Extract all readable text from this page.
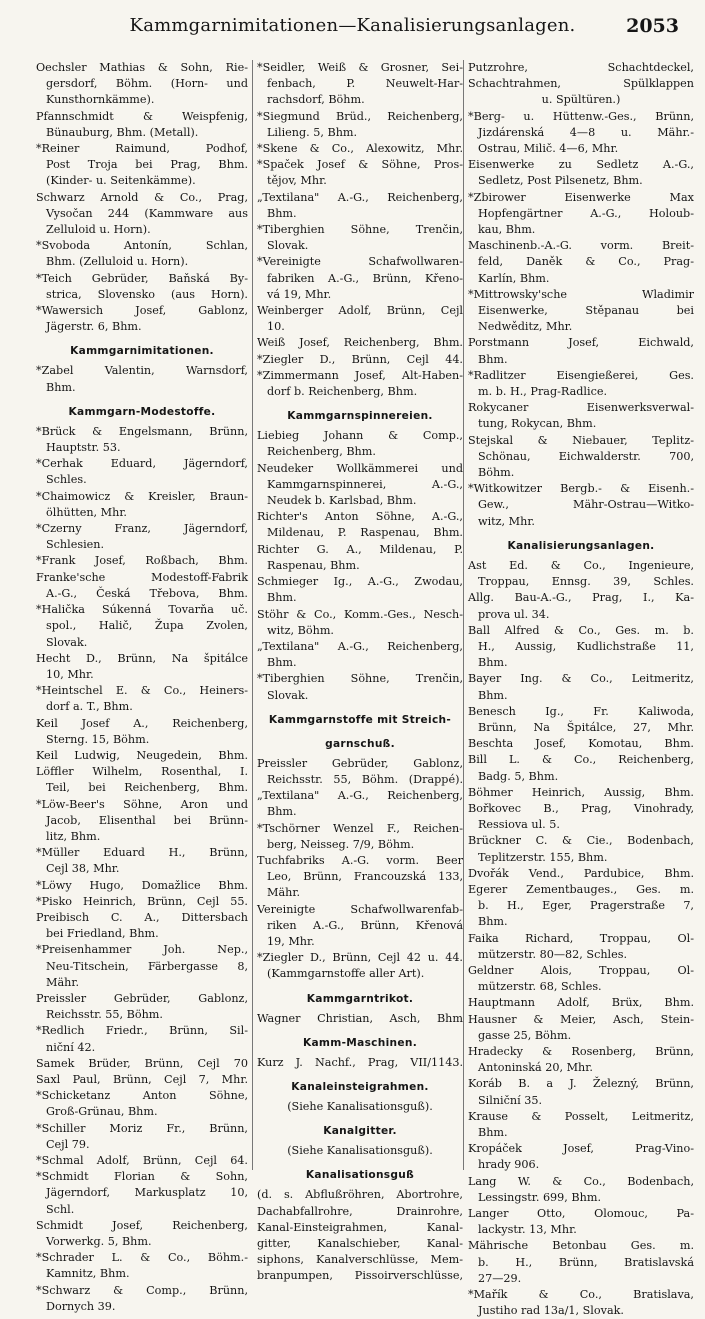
Kammgarnimitationen—Kanalisierungsanlagen.	2053
Oechsler Mathias & Sohn, Rie-
gersdorf, Böhm. (Horn- und
Kunsthornkämme).
Pfannschmidt & Weispfenig,
Bünauburg, Bhm. (Metall).
*Reiner Raimund, Podhof,
Post Troja bei Prag, Bhm.
(Kinder- u. Seitenkämme).
Schwarz Arnold & Co., Prag,
Vysočan 244 (Kammware aus
Zelluloid u. Horn).
*Svoboda Antonín, Schlan,
Bhm. (Zelluloid u. Horn).
*Teich Gebrüder, Baňská By-
strica, Slovensko (aus Horn).
*Wawersich Josef, Gablonz,
Jägerstr. 6, Bhm.
Kammgarnimitationen.
*Zabel Valentin, Warnsdorf,
Bhm.
Kammgarn-Modestoffe.
*Brück & Engelsmann, Brünn,
Hauptstr. 53.
*Cerhak Eduard, Jägerndorf,
Schles.
*Chaimowicz & Kreisler, Braun-
ölhütten, Mhr.
*Czerny Franz, Jägerndorf,
Schlesien.
*Frank Josef, Roßbach, Bhm.
Franke'sche Modestoff-Fabrik
A.-G., Česká Třebova, Bhm.
*Halička Súkenná Tovarňa uč.
spol., Halič, Župa Zvolen,
Slovak.
Hecht D., Brünn, Na špitálce
10, Mhr.
*Heintschel E. & Co., Heiners-
dorf a. T., Bhm.
Keil Josef A., Reichenberg,
Sterng. 15, Böhm.
Keil Ludwig, Neugedein, Bhm.
Löffler Wilhelm, Rosenthal, I.
Teil, bei Reichenberg, Bhm.
*Löw-Beer's Söhne, Aron und
Jacob, Elisenthal bei Brünn-
litz, Bhm.
*Müller Eduard H., Brünn,
Cejl 38, Mhr.
*Löwy Hugo, Domažlice Bhm.
*Pisko Heinrich, Brünn, Cejl 55.
Preibisch C. A., Dittersbach
bei Friedland, Bhm.
*Preisenhammer Joh. Nep.,
Neu-Titschein, Färbergasse 8,
Mähr.
Preissler Gebrüder, Gablonz,
Reichsstr. 55, Böhm.
*Redlich Friedr., Brünn, Sil-
niční 42.
Samek Brüder, Brünn, Cejl 70
Saxl Paul, Brünn, Cejl 7, Mhr.
*Schicketanz Anton Söhne,
Groß-Grünau, Bhm.
*Schiller Moriz Fr., Brünn,
Cejl 79.
*Schmal Adolf, Brünn, Cejl 64.
*Schmidt Florian & Sohn,
Jägerndorf, Markusplatz 10,
Schl.
Schmidt Josef, Reichenberg,
Vorwerkg. 5, Bhm.
*Schrader L. & Co., Böhm.-
Kamnitz, Bhm.
*Schwarz & Comp., Brünn,
Dornych 39.
*Seidler, Weiß & Grosner, Sei-
fenbach, P. Neuwelt-Har-
rachsdorf, Böhm.
*Siegmund Brüd., Reichenberg,
Lilieng. 5, Bhm.
*Skene & Co., Alexowitz, Mhr.
*Spaček Josef & Söhne, Pros-
tějov, Mhr.
„Textilana" A.-G., Reichenberg,
Bhm.
*Tiberghien Söhne, Trenčin,
Slovak.
*Vereinigte Schafwollwaren-
fabriken A.-G., Brünn, Křeno-
vá 19, Mhr.
Weinberger Adolf, Brünn, Cejl
10.
Weiß Josef, Reichenberg, Bhm.
*Ziegler D., Brünn, Cejl 44.
*Zimmermann Josef, Alt-Haben-
dorf b. Reichenberg, Bhm.
Kammgarnspinnereien.
Liebieg Johann & Comp.,
Reichenberg, Bhm.
Neudeker Wollkämmerei und
Kammgarnspinnerei, A.-G.,
Neudek b. Karlsbad, Bhm.
Richter's Anton Söhne, A.-G.,
Mildenau, P. Raspenau, Bhm.
Richter G. A., Mildenau, P.
Raspenau, Bhm.
Schmieger Ig., A.-G., Zwodau,
Bhm.
Stöhr & Co., Komm.-Ges., Nesch-
witz, Böhm.
„Textilana" A.-G., Reichenberg,
Bhm.
*Tiberghien Söhne, Trenčin,
Slovak.
Kammgarnstoffe mit Streich-
garnschuß.
Preissler Gebrüder, Gablonz,
Reichsstr. 55, Böhm. (Drappé).
„Textilana" A.-G., Reichenberg,
Bhm.
*Tschörner Wenzel F., Reichen-
berg, Neisseg. 7/9, Böhm.
Tuchfabriks A.-G. vorm. Beer
Leo, Brünn, Francouzská 133,
Mähr.
Vereinigte Schafwollwarenfab-
riken A.-G., Brünn, Křenová
19, Mhr.
*Ziegler D., Brünn, Cejl 42 u. 44.
(Kammgarnstoffe aller Art).
Kammgarntrikot.
Wagner Christian, Asch, Bhm
Kamm-Maschinen.
Kurz J. Nachf., Prag, VII/1143.
Kanaleinsteigrahmen.
(Siehe Kanalisationsguß).
Kanalgitter.
(Siehe Kanalisationsguß).
Kanalisationsguß
(d. s. Abflußröhren, Abortrohre,
Dachabfallrohre, Drainrohre,
Kanal-Einsteigrahmen, Kanal-
gitter, Kanalschieber, Kanal-
siphons, Kanalverschlüsse, Mem-
branpumpen, Pissoirverschlüsse,
Putzrohre, Schachtdeckel,
Schachtrahmen, Spülklappen
u. Spültüren.)
*Berg- u. Hüttenw.-Ges., Brünn,
Jizdárenská 4—8 u. Mähr.-
Ostrau, Milič. 4—6, Mhr.
Eisenwerke zu Sedletz A.-G.,
Sedletz, Post Pilsenetz, Bhm.
*Zbirower Eisenwerke Max
Hopfengärtner A.-G., Holoub-
kau, Bhm.
Maschinenb.-A.-G. vorm. Breit-
feld, Daněk & Co., Prag-
Karlín, Bhm.
*Mittrowsky'sche Wladimir
Eisenwerke, Stěpanau bei
Nedwěditz, Mhr.
Porstmann Josef, Eichwald,
Bhm.
*Radlitzer Eisengießerei, Ges.
m. b. H., Prag-Radlice.
Rokycaner Eisenwerksverwal-
tung, Rokycan, Bhm.
Stejskal & Niebauer, Teplitz-
Schönau, Eichwalderstr. 700,
Böhm.
*Witkowitzer Bergb.- & Eisenh.-
Gew., Mähr-Ostrau—Witko-
witz, Mhr.
Kanalisierungsanlagen.
Ast Ed. & Co., Ingenieure,
Troppau, Ennsg. 39, Schles.
Allg. Bau-A.-G., Prag, I., Ka-
prova ul. 34.
Ball Alfred & Co., Ges. m. b.
H., Aussig, Kudlichstraße 11,
Bhm.
Bayer Ing. & Co., Leitmeritz,
Bhm.
Benesch Ig., Fr. Kaliwoda,
Brünn, Na Špitálce, 27, Mhr.
Beschta Josef, Komotau, Bhm.
Bill L. & Co., Reichenberg,
Badg. 5, Bhm.
Böhmer Heinrich, Aussig, Bhm.
Bořkovec B., Prag, Vinohrady,
Ressiova ul. 5.
Brückner C. & Cie., Bodenbach,
Teplitzerstr. 155, Bhm.
Dvořák Vend., Pardubice, Bhm.
Egerer Zementbauges., Ges. m.
b. H., Eger, Pragerstraße 7,
Bhm.
Faika Richard, Troppau, Ol-
mützerstr. 80—82, Schles.
Geldner Alois, Troppau, Ol-
mützerstr. 68, Schles.
Hauptmann Adolf, Brüx, Bhm.
Hausner & Meier, Asch, Stein-
gasse 25, Böhm.
Hradecky & Rosenberg, Brünn,
Antoninská 20, Mhr.
Koráb B. a J. Železný, Brünn,
Silniční 35.
Krause & Posselt, Leitmeritz,
Bhm.
Kropáček Josef, Prag-Vino-
hrady 906.
Lang W. & Co., Bodenbach,
Lessingstr. 699, Bhm.
Langer Otto, Olomouc, Pa-
lackystr. 13, Mhr.
Mährische Betonbau Ges. m.
b. H., Brünn, Bratislavská
27—29.
*Mařík & Co., Bratislava,
Justiho rad 13a/1, Slovak.
